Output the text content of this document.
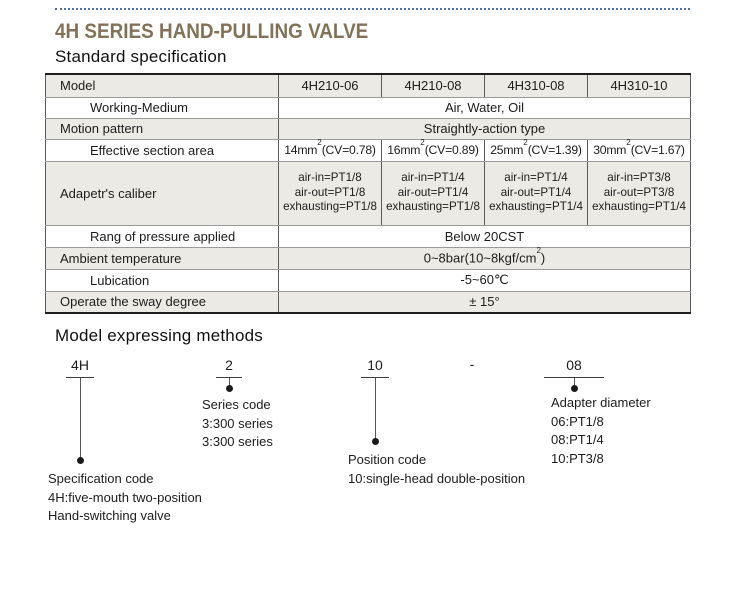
4H SERIES HAND-PULLING VALVE
Standard specification
Model	4H210-06	4H210-08	4H310-08	4H310-10
Working-Medium	Air, Water, Oil			
Motion pattern	Straightly-action type			
Effective section area	$14mm^2(CV=0.78)$	$16mm^2(CV=0.89)$	$25mm^2(CV=1.39)$	$30mm^2(CV=1.67)$
Adapetr's caliber	air-in=PT1/8
air-out=PT1/8
exhausting=PT1/8	air-in=PT1/4
air-out=PT1/4
exhausting=PT1/8	air-in=PT1/4
air-out=PT1/4
exhausting=PT1/4	air-in=PT3/8
air-out=PT3/8
exhausting=PT1/4

Rang of pressure applied	Below 20CST			
Ambient temperature	$0\sim 8bar(10\sim 8kgf/cm^2)$			
Lubication	-5~60℃			
Operate the sway degree	± 15°			
Model expressing methods
4H
Specification code
4H:five-mouth two-position
Hand-switching valve
2
Series code
3:300 series
3:300 series
10
Position code
10:single-head double-position
-	08
Adapter diameter
06:PT1/8
08:PT1/4
10:PT3/8
